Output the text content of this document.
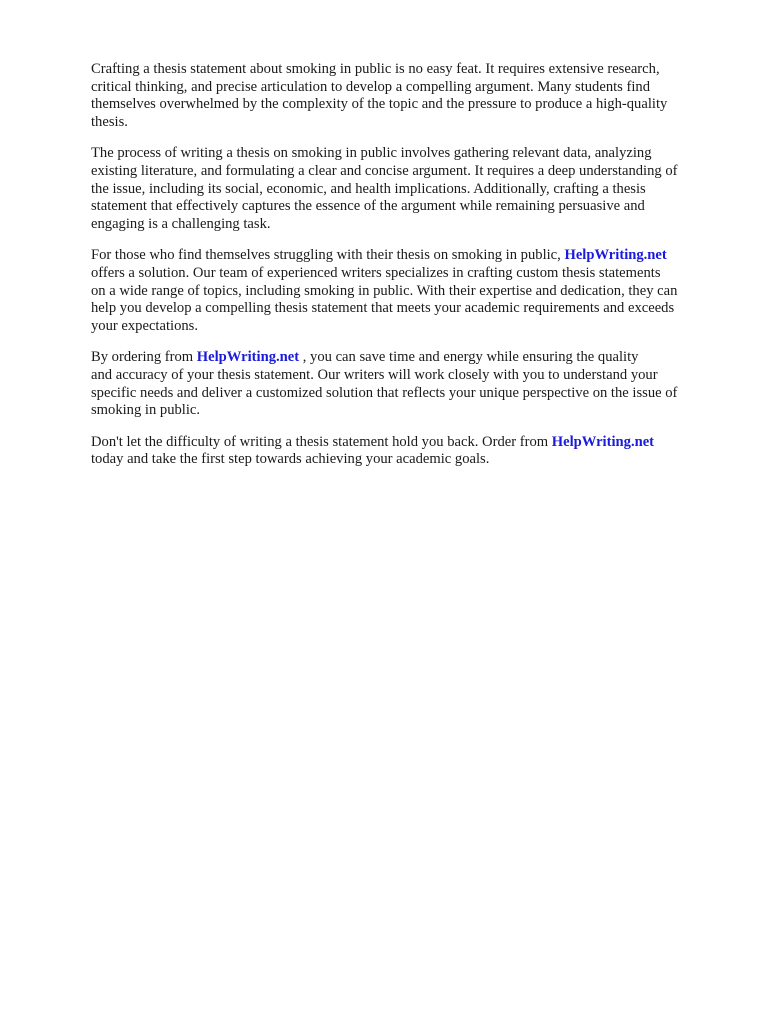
Crafting a thesis statement about smoking in public is no easy feat. It requires extensive research,
critical thinking, and precise articulation to develop a compelling argument. Many students find
themselves overwhelmed by the complexity of the topic and the pressure to produce a high-quality
thesis.

The process of writing a thesis on smoking in public involves gathering relevant data, analyzing
existing literature, and formulating a clear and concise argument. It requires a deep understanding of
the issue, including its social, economic, and health implications. Additionally, crafting a thesis
statement that effectively captures the essence of the argument while remaining persuasive and
engaging is a challenging task.

For those who find themselves struggling with their thesis on smoking in public, HelpWriting.net
offers a solution. Our team of experienced writers specializes in crafting custom thesis statements
on a wide range of topics, including smoking in public. With their expertise and dedication, they can
help you develop a compelling thesis statement that meets your academic requirements and exceeds
your expectations.

By ordering from HelpWriting.net , you can save time and energy while ensuring the quality
and accuracy of your thesis statement. Our writers will work closely with you to understand your
specific needs and deliver a customized solution that reflects your unique perspective on the issue of
smoking in public.

Don't let the difficulty of writing a thesis statement hold you back. Order from HelpWriting.net
today and take the first step towards achieving your academic goals.
